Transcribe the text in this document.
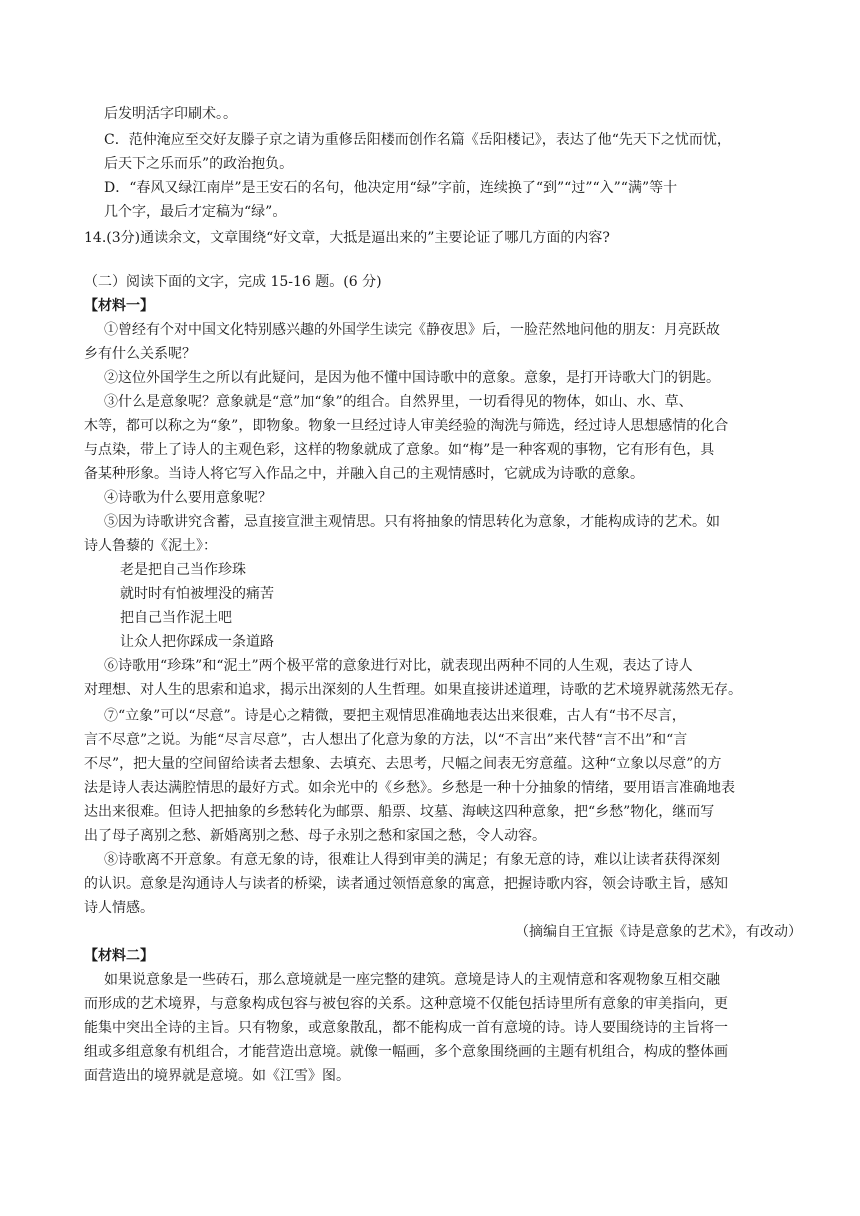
后发明活字印刷术。。
C．范仲淹应至交好友滕子京之请为重修岳阳楼而创作名篇《岳阳楼记》，表达了他“先天下之忧而忧，
后天下之乐而乐”的政治抱负。
D．“春风又绿江南岸”是王安石的名句，他决定用“绿”字前，连续换了“到”“过”“入”“满”等十
几个字，最后才定稿为“绿”。
14.(3分)通读余文，文章围绕“好文章，大抵是逼出来的”主要论证了哪几方面的内容?
（二）阅读下面的文字，完成 15-16 题。(6 分)
【材料一】
①曾经有个对中国文化特别感兴趣的外国学生读完《静夜思》后，一脸茫然地问他的朋友：月亮跃故
乡有什么关系呢？
②这位外国学生之所以有此疑问，是因为他不懂中国诗歌中的意象。意象，是打开诗歌大门的钥匙。
③什么是意象呢？意象就是“意”加“象”的组合。自然界里，一切看得见的物体，如山、水、草、
木等，都可以称之为“象”，即物象。物象一旦经过诗人审美经验的淘洗与筛选，经过诗人思想感情的化合
与点染，带上了诗人的主观色彩，这样的物象就成了意象。如“梅”是一种客观的事物，它有形有色，具
备某种形象。当诗人将它写入作品之中，并融入自己的主观情感时，它就成为诗歌的意象。
④诗歌为什么要用意象呢？
⑤因为诗歌讲究含蓄，忌直接宣泄主观情思。只有将抽象的情思转化为意象，才能构成诗的艺术。如
诗人鲁藜的《泥土》：
老是把自己当作珍珠
就时时有怕被埋没的痛苦
把自己当作泥土吧
让众人把你踩成一条道路
⑥诗歌用“珍珠”和“泥土”两个极平常的意象进行对比，就表现出两种不同的人生观，表达了诗人
对理想、对人生的思索和追求，揭示出深刻的人生哲理。如果直接讲述道理，诗歌的艺术境界就荡然无存。
⑦“立象”可以“尽意”。诗是心之精微，要把主观情思准确地表达出来很难，古人有“书不尽言，
言不尽意”之说。为能“尽言尽意”，古人想出了化意为象的方法，以“不言出”来代替“言不出”和“言
不尽”，把大量的空间留给读者去想象、去填充、去思考，尺幅之间表无穷意蕴。这种“立象以尽意”的方
法是诗人表达满腔情思的最好方式。如余光中的《乡愁》。乡愁是一种十分抽象的情绪，要用语言准确地表
达出来很难。但诗人把抽象的乡愁转化为邮票、船票、坟墓、海峡这四种意象，把“乡愁”物化，继而写
出了母子离别之愁、新婚离别之愁、母子永别之愁和家国之愁，令人动容。
⑧诗歌离不开意象。有意无象的诗，很难让人得到审美的满足；有象无意的诗，难以让读者获得深刻
的认识。意象是沟通诗人与读者的桥梁，读者通过领悟意象的寓意，把握诗歌内容，领会诗歌主旨，感知
诗人情感。
（摘编自王宜振《诗是意象的艺术》，有改动）
【材料二】
如果说意象是一些砖石，那么意境就是一座完整的建筑。意境是诗人的主观情意和客观物象互相交融
而形成的艺术境界，与意象构成包容与被包容的关系。这种意境不仅能包括诗里所有意象的审美指向，更
能集中突出全诗的主旨。只有物象，或意象散乱，都不能构成一首有意境的诗。诗人要围绕诗的主旨将一
组或多组意象有机组合，才能营造出意境。就像一幅画，多个意象围绕画的主题有机组合，构成的整体画
面营造出的境界就是意境。如《江雪》图。
